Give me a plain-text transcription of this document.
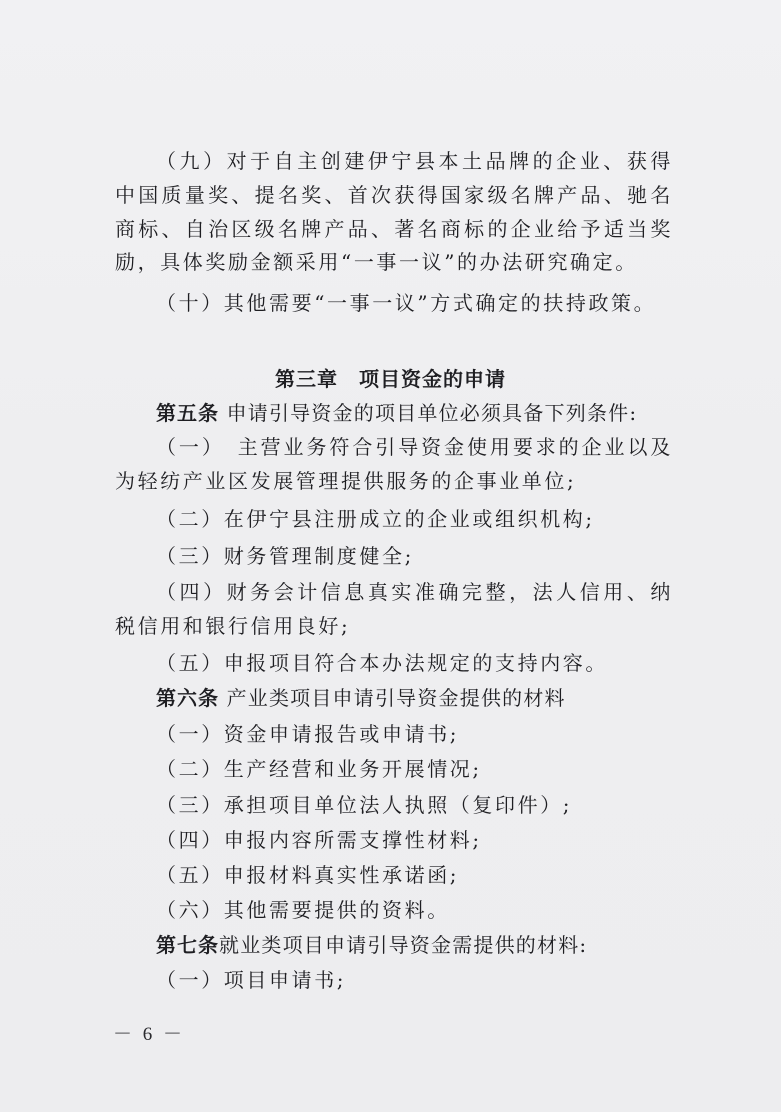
（九）对于自主创建伊宁县本土品牌的企业、获得中国质量奖、提名奖、首次获得国家级名牌产品、驰名商标、自治区级名牌产品、著名商标的企业给予适当奖励，具体奖励金额采用“一事一议”的办法研究确定。

（十）其他需要“一事一议”方式确定的扶持政策。

第三章　项目资金的申请

第五条 申请引导资金的项目单位必须具备下列条件:

（一）　主营业务符合引导资金使用要求的企业以及为轻纺产业区发展管理提供服务的企事业单位;

（二）在伊宁县注册成立的企业或组织机构;

（三）财务管理制度健全;

（四）财务会计信息真实准确完整，法人信用、纳税信用和银行信用良好;

（五）申报项目符合本办法规定的支持内容。

第六条 产业类项目申请引导资金提供的材料

（一）资金申请报告或申请书;

（二）生产经营和业务开展情况;

（三）承担项目单位法人执照（复印件）;

（四）申报内容所需支撑性材料;

（五）申报材料真实性承诺函;

（六）其他需要提供的资料。

第七条就业类项目申请引导资金需提供的材料:

（一）项目申请书;

－ 6 －
